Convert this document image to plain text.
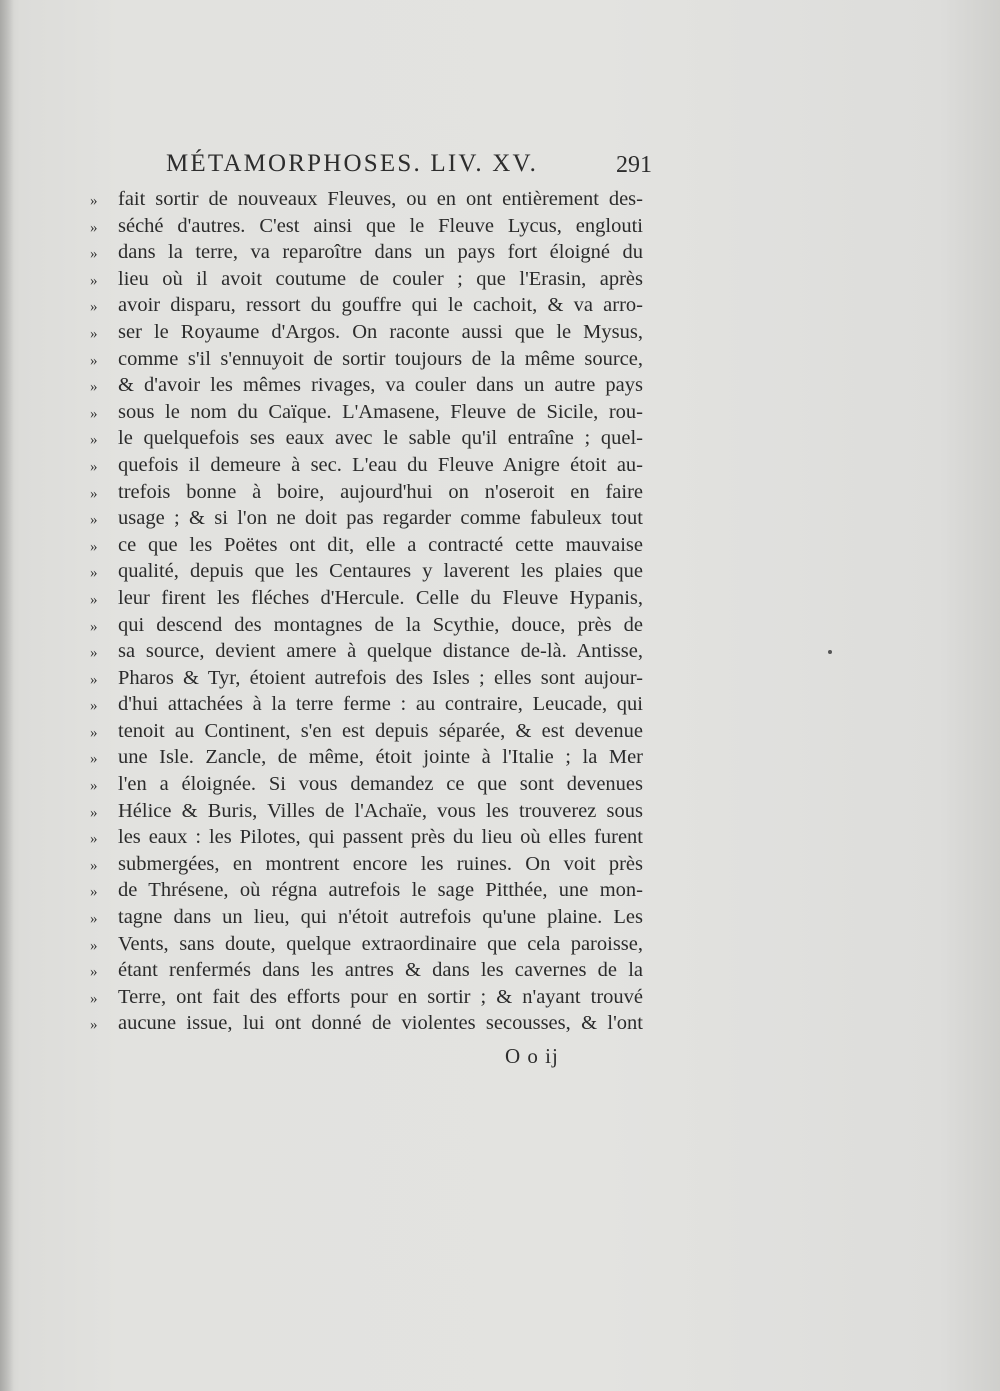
MÉTAMORPHOSES. LIV. XV.	291
» fait sortir de nouveaux Fleuves, ou en ont entièrement des-
» séché d'autres. C'est ainsi que le Fleuve Lycus, englouti
» dans la terre, va reparoître dans un pays fort éloigné du
» lieu où il avoit coutume de couler ; que l'Erasin, après
» avoir disparu, ressort du gouffre qui le cachoit, & va arro-
» ser le Royaume d'Argos. On raconte aussi que le Mysus,
» comme s'il s'ennuyoit de sortir toujours de la même source,
» & d'avoir les mêmes rivages, va couler dans un autre pays
» sous le nom du Caïque. L'Amasene, Fleuve de Sicile, rou-
» le quelquefois ses eaux avec le sable qu'il entraîne ; quel-
» quefois il demeure à sec. L'eau du Fleuve Anigre étoit au-
» trefois bonne à boire, aujourd'hui on n'oseroit en faire
» usage ; & si l'on ne doit pas regarder comme fabuleux tout
» ce que les Poëtes ont dit, elle a contracté cette mauvaise
» qualité, depuis que les Centaures y laverent les plaies que
» leur firent les fléches d'Hercule. Celle du Fleuve Hypanis,
» qui descend des montagnes de la Scythie, douce, près de
» sa source, devient amere à quelque distance de-là. Antisse,
» Pharos & Tyr, étoient autrefois des Isles ; elles sont aujour-
» d'hui attachées à la terre ferme : au contraire, Leucade, qui
» tenoit au Continent, s'en est depuis séparée, & est devenue
» une Isle. Zancle, de même, étoit jointe à l'Italie ; la Mer
» l'en a éloignée. Si vous demandez ce que sont devenues
» Hélice & Buris, Villes de l'Achaïe, vous les trouverez sous
» les eaux : les Pilotes, qui passent près du lieu où elles furent
» submergées, en montrent encore les ruines. On voit près
» de Thrésene, où régna autrefois le sage Pitthée, une mon-
» tagne dans un lieu, qui n'étoit autrefois qu'une plaine. Les
» Vents, sans doute, quelque extraordinaire que cela paroisse,
» étant renfermés dans les antres & dans les cavernes de la
» Terre, ont fait des efforts pour en sortir ; & n'ayant trouvé
» aucune issue, lui ont donné de violentes secousses, & l'ont
O o ij
